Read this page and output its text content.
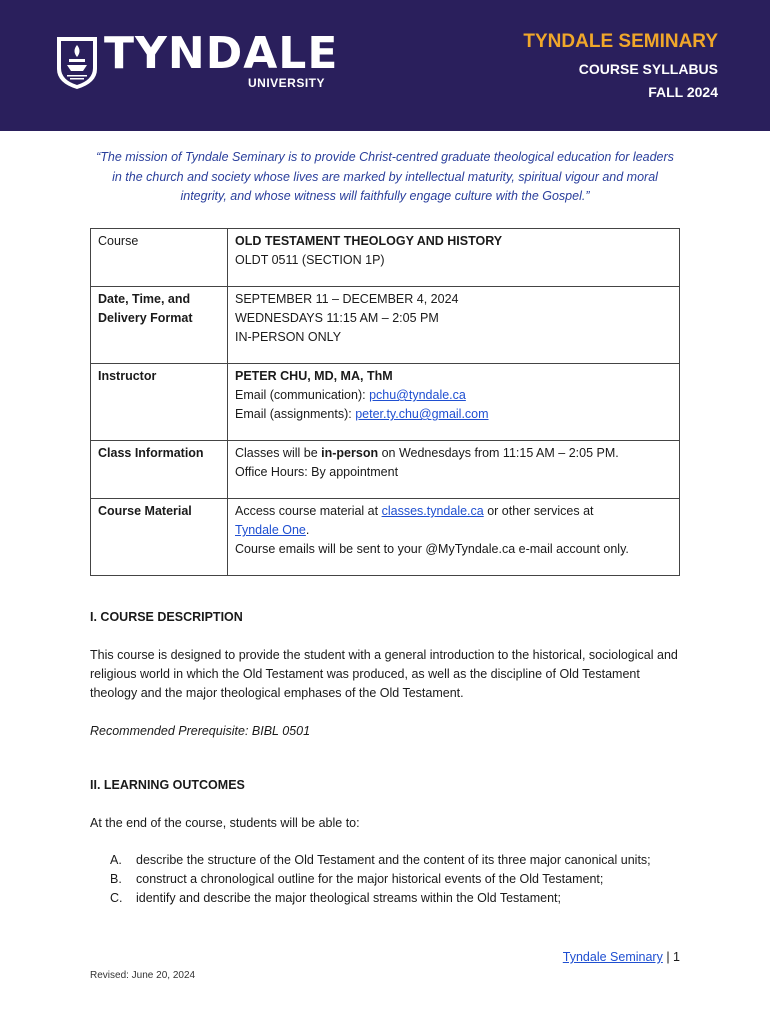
TYNDALE
UNIVERSITY
TYNDALE SEMINARY
COURSE SYLLABUS
FALL 2024
“The mission of Tyndale Seminary is to provide Christ-centred graduate theological education for leaders in the church and society whose lives are marked by intellectual maturity, spiritual vigour and moral integrity, and whose witness will faithfully engage culture with the Gospel.”
Course	OLD TESTAMENT THEOLOGY AND HISTORY
OLDT 0511 (SECTION 1P)

Date, Time, and Delivery Format	SEPTEMBER 11 – DECEMBER 4, 2024
WEDNESDAYS 11:15 AM – 2:05 PM
IN-PERSON ONLY

Instructor	PETER CHU, MD, MA, ThM
Email (communication): pchu@tyndale.ca
Email (assignments): peter.ty.chu@gmail.com

Class Information	Classes will be in-person on Wednesdays from 11:15 AM – 2:05 PM.
Office Hours: By appointment

Course Material	Access course material at classes.tyndale.ca or other services at
Tyndale One.
Course emails will be sent to your @MyTyndale.ca e-mail account only.
I. COURSE DESCRIPTION
This course is designed to provide the student with a general introduction to the historical, sociological and religious world in which the Old Testament was produced, as well as the discipline of Old Testament theology and the major theological emphases of the Old Testament.
Recommended Prerequisite: BIBL 0501
II. LEARNING OUTCOMES
At the end of the course, students will be able to:
A. describe the structure of the Old Testament and the content of its three major canonical units;
B. construct a chronological outline for the major historical events of the Old Testament;
C. identify and describe the major theological streams within the Old Testament;
Tyndale Seminary | 1
Revised: June 20, 2024
